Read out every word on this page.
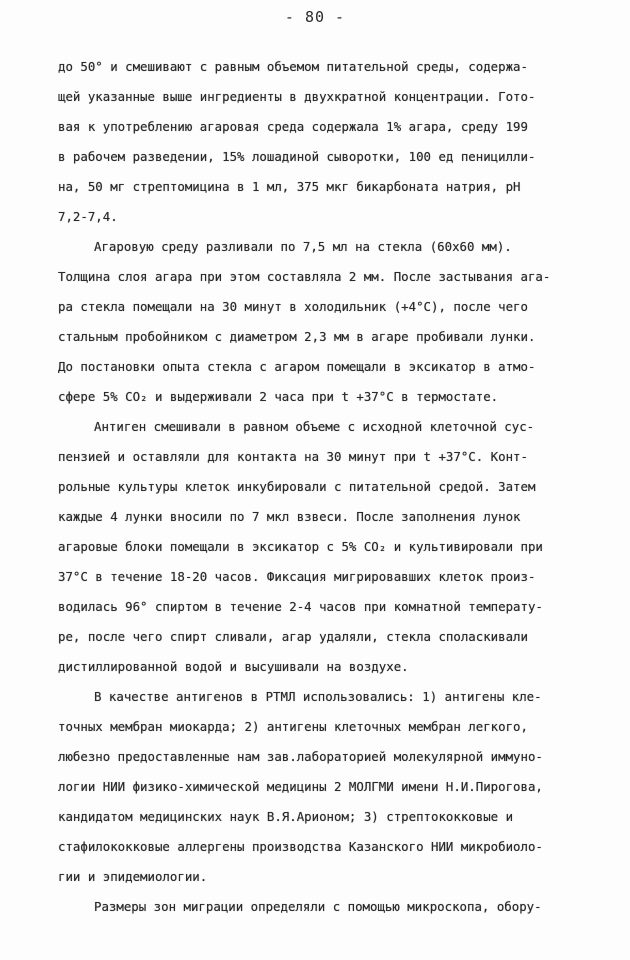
- 80 -
до 50° и смешивают с равным объемом питательной среды, содержа-
щей указанные выше ингредиенты в двухкратной концентрации. Гото-
вая к употреблению агаровая среда содержала 1% агара, среду 199
в рабочем разведении, 15% лошадиной сыворотки, 100 ед пеницилли-
на, 50 мг стрептомицина в 1 мл, 375 мкг бикарбоната натрия, pH
7,2-7,4.
Агаровую среду разливали по 7,5 мл на стекла (60x60 мм).
Толщина слоя агара при этом составляла 2 мм. После застывания ага-
ра стекла помещали на 30 минут в холодильник (+4°C), после чего
стальным пробойником с диаметром 2,3 мм в агаре пробивали лунки.
До постановки опыта стекла с агаром помещали в эксикатор в атмо-
сфере 5% CO₂ и выдерживали 2 часа при t +37°C в термостате.
Антиген смешивали в равном объеме с исходной клеточной сус-
пензией и оставляли для контакта на 30 минут при t +37°C. Конт-
рольные культуры клеток инкубировали с питательной средой. Затем
каждые 4 лунки вносили по 7 мкл взвеси. После заполнения лунок
агаровые блоки помещали в эксикатор с 5% CO₂ и культивировали при
37°C в течение 18-20 часов. Фиксация мигрировавших клеток произ-
водилась 96° спиртом в течение 2-4 часов при комнатной температу-
ре, после чего спирт сливали, агар удаляли, стекла споласкивали
дистиллированной водой и высушивали на воздухе.
В качестве антигенов в РТМЛ использовались: 1) антигены кле-
точных мембран миокарда; 2) антигены клеточных мембран легкого,
любезно предоставленные нам зав.лабораторией молекулярной иммуно-
логии НИИ физико-химической медицины 2 МОЛГМИ имени Н.И.Пирогова,
кандидатом медицинских наук В.Я.Арионом; 3) стрептококковые и
стафилококковые аллергены производства Казанского НИИ микробиоло-
гии и эпидемиологии.
Размеры зон миграции определяли с помощью микроскопа, обору-
